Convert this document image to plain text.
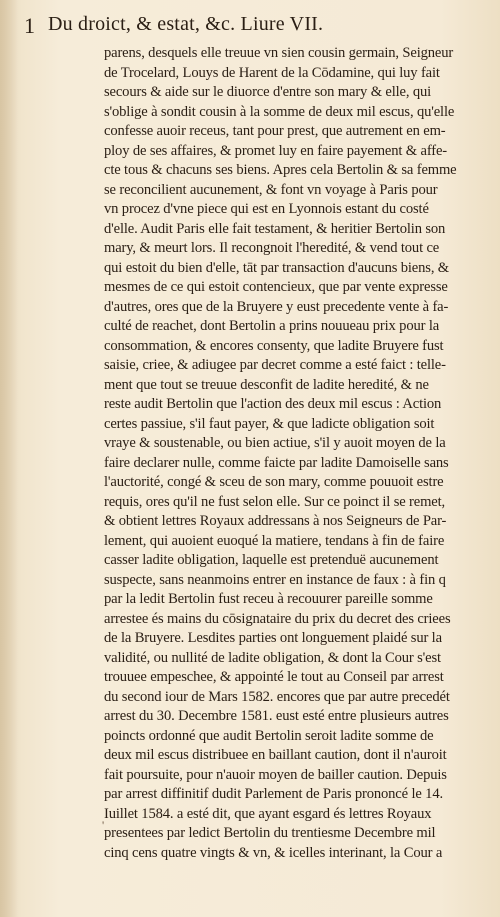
1 Du droict, & estat, &c. Liure VII.
parens, desquels elle treuue vn sien cousin germain, Seigneur
de Trocelard, Louys de Harent de la Cōdamine, qui luy fait
secours & aide sur le diuorce d'entre son mary & elle, qui
s'oblige à sondit cousin à la somme de deux mil escus, qu'elle
confesse auoir receus, tant pour prest, que autrement en em-
ploy de ses affaires, & promet luy en faire payement & affe-
cte tous & chacuns ses biens. Apres cela Bertolin & sa femme
se reconcilient aucunement, & font vn voyage à Paris pour
vn procez d'vne piece qui est en Lyonnois estant du costé
d'elle. Audit Paris elle fait testament, & heritier Bertolin son
mary, & meurt lors. Il recongnoit l'heredité, & vend tout ce
qui estoit du bien d'elle, tāt par transaction d'aucuns biens, &
mesmes de ce qui estoit contencieux, que par vente expresse
d'autres, ores que de la Bruyere y eust precedente vente à fa-
culté de reachet, dont Bertolin a prins nouueau prix pour la
consommation, & encores consenty, que ladite Bruyere fust
saisie, criee, & adiugee par decret comme a esté faict : telle-
ment que tout se treuue desconfit de ladite heredité, & ne
reste audit Bertolin que l'action des deux mil escus : Action
certes passiue, s'il faut payer, & que ladicte obligation soit
vraye & soustenable, ou bien actiue, s'il y auoit moyen de la
faire declarer nulle, comme faicte par ladite Damoiselle sans
l'auctorité, congé & sceu de son mary, comme pouuoit estre
requis, ores qu'il ne fust selon elle. Sur ce poinct il se remet,
& obtient lettres Royaux addressans à nos Seigneurs de Par-
lement, qui auoient euoqué la matiere, tendans à fin de faire
casser ladite obligation, laquelle est pretenduë aucunement
suspecte, sans neanmoins entrer en instance de faux : à fin q
par la ledit Bertolin fust receu à recouurer pareille somme
arrestee és mains du cōsignataire du prix du decret des criees
de la Bruyere. Lesdites parties ont longuement plaidé sur la
validité, ou nullité de ladite obligation, & dont la Cour s'est
trouuee empeschee, & appointé le tout au Conseil par arrest
du second iour de Mars 1582. encores que par autre precedét
arrest du 30. Decembre 1581. eust esté entre plusieurs autres
poincts ordonné que audit Bertolin seroit ladite somme de
deux mil escus distribuee en baillant caution, dont il n'auroit
fait poursuite, pour n'auoir moyen de bailler caution. Depuis
par arrest diffinitif dudit Parlement de Paris prononcé le 14.
Iuillet 1584. a esté dit, que ayant esgard és lettres Royaux
presentees par ledict Bertolin du trentiesme Decembre mil
cinq cens quatre vingts & vn, & icelles interinant, la Cour a
'
